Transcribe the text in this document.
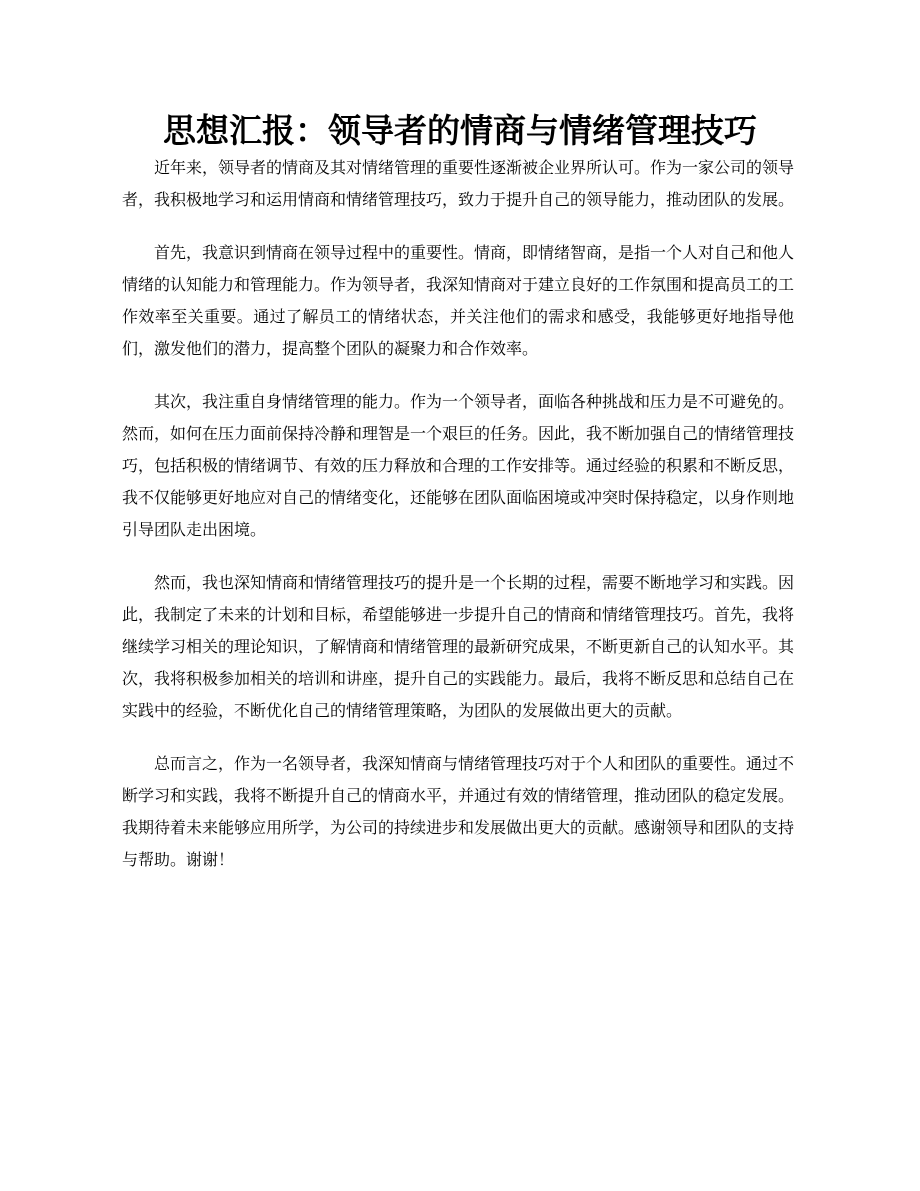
思想汇报：领导者的情商与情绪管理技巧

近年来，领导者的情商及其对情绪管理的重要性逐渐被企业界所认可。作为一家公司的领导者，我积极地学习和运用情商和情绪管理技巧，致力于提升自己的领导能力，推动团队的发展。

首先，我意识到情商在领导过程中的重要性。情商，即情绪智商，是指一个人对自己和他人情绪的认知能力和管理能力。作为领导者，我深知情商对于建立良好的工作氛围和提高员工的工作效率至关重要。通过了解员工的情绪状态，并关注他们的需求和感受，我能够更好地指导他们，激发他们的潜力，提高整个团队的凝聚力和合作效率。

其次，我注重自身情绪管理的能力。作为一个领导者，面临各种挑战和压力是不可避免的。然而，如何在压力面前保持冷静和理智是一个艰巨的任务。因此，我不断加强自己的情绪管理技巧，包括积极的情绪调节、有效的压力释放和合理的工作安排等。通过经验的积累和不断反思，我不仅能够更好地应对自己的情绪变化，还能够在团队面临困境或冲突时保持稳定，以身作则地引导团队走出困境。

然而，我也深知情商和情绪管理技巧的提升是一个长期的过程，需要不断地学习和实践。因此，我制定了未来的计划和目标，希望能够进一步提升自己的情商和情绪管理技巧。首先，我将继续学习相关的理论知识，了解情商和情绪管理的最新研究成果，不断更新自己的认知水平。其次，我将积极参加相关的培训和讲座，提升自己的实践能力。最后，我将不断反思和总结自己在实践中的经验，不断优化自己的情绪管理策略，为团队的发展做出更大的贡献。

总而言之，作为一名领导者，我深知情商与情绪管理技巧对于个人和团队的重要性。通过不断学习和实践，我将不断提升自己的情商水平，并通过有效的情绪管理，推动团队的稳定发展。我期待着未来能够应用所学，为公司的持续进步和发展做出更大的贡献。感谢领导和团队的支持与帮助。谢谢！
